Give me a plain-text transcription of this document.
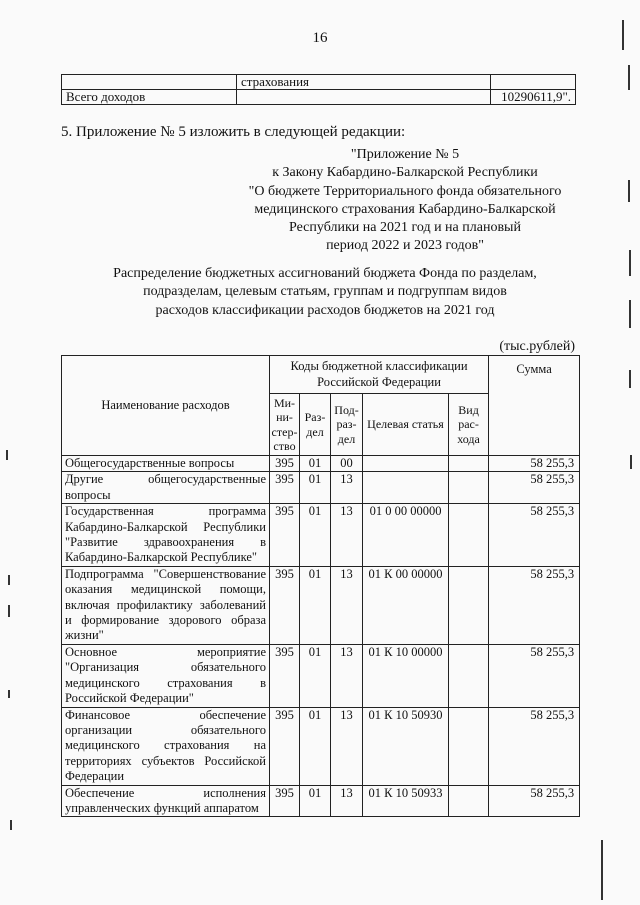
16
	страхования	
Всего доходов		10290611,9".
5. Приложение № 5 изложить в следующей редакции:
"Приложение № 5
к Закону Кабардино-Балкарской Республики
"О бюджете Территориального фонда обязательного
медицинского страхования Кабардино-Балкарской
Республики на 2021 год и на плановый
период 2022 и 2023 годов"
Распределение бюджетных ассигнований бюджета Фонда по разделам,
подразделам, целевым статьям, группам и подгруппам видов
расходов классификации расходов бюджетов на 2021 год
(тыс.рублей)
Наименование расходов	Коды бюджетной классификации Российской Федерации					Сумма
	Ми-ни-стер-ство	Раз-дел	Под-раз-дел	Целевая статья	Вид рас-хода	
Общегосударственные вопросы	395	01	00			58 255,3
Другие общегосударственные вопросы	395	01	13			58 255,3
Государственная программа Кабардино-Балкарской Республики "Развитие здравоохранения в Кабардино-Балкарской Республике"	395	01	13	01 0 00 00000		58 255,3
Подпрограмма "Совершенствование оказания медицинской помощи, включая профилактику заболеваний и формирование здорового образа жизни"	395	01	13	01 К 00 00000		58 255,3
Основное мероприятие "Организация обязательного медицинского страхования в Российской Федерации"	395	01	13	01 К 10 00000		58 255,3
Финансовое обеспечение организации обязательного медицинского страхования на территориях субъектов Российской Федерации	395	01	13	01 К 10 50930		58 255,3
Обеспечение исполнения управленческих функций аппаратом	395	01	13	01 К 10 50933		58 255,3
